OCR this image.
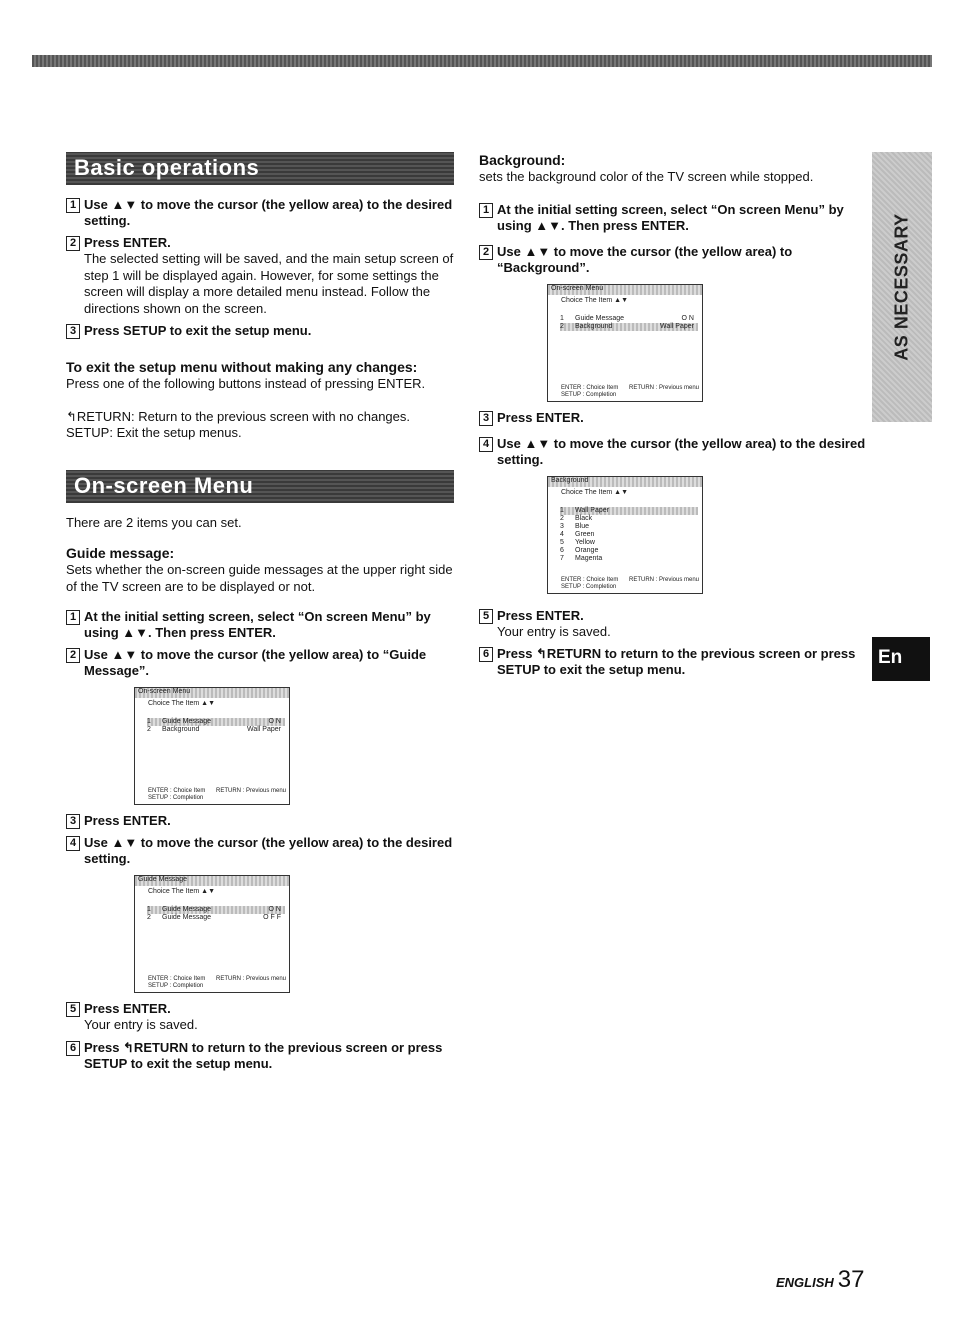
Basic operations
1 Use ▲▼ to move the cursor (the yellow area) to the desired setting.
2 Press ENTER.
The selected setting will be saved, and the main setup screen of step 1 will be displayed again. However, for some settings the screen will display a more detailed menu instead. Follow the directions shown on the screen.
3 Press SETUP to exit the setup menu.
To exit the setup menu without making any changes:
Press one of the following buttons instead of pressing ENTER.
↰RETURN: Return to the previous screen with no changes.
SETUP: Exit the setup menus.
On-screen Menu
There are 2 items you can set.
Guide message:
Sets whether the on-screen guide messages at the upper right side of the TV screen are to be displayed or not.
1 At the initial setting screen, select “On screen Menu” by using ▲▼. Then press ENTER.
2 Use ▲▼ to move the cursor (the yellow area) to “Guide Message”.
On-screen Menu
Choice The Item ▲▼
1 Guide Message	O N
2 Background	Wall Paper
ENTER : Choice Item RETURN : Previous menu

SETUP : Completion
3 Press ENTER.
4 Use ▲▼ to move the cursor (the yellow area) to the desired setting.
Guide Message
Choice The Item ▲▼
1 Guide Message	O N
2 Guide Message	O F F
ENTER : Choice Item RETURN : Previous menu

SETUP : Completion
5 Press ENTER.
Your entry is saved.
6 Press ↰RETURN to return to the previous screen or press SETUP to exit the setup menu.
Background:
sets the background color of the TV screen while stopped.
1 At the initial setting screen, select “On screen Menu” by using ▲▼. Then press ENTER.
2 Use ▲▼ to move the cursor (the yellow area) to “Background”.
On-screen Menu
Choice The Item ▲▼
1 Guide Message	O N
2 Background	Wall Paper
ENTER : Choice Item RETURN : Previous menu

SETUP : Completion
3 Press ENTER.
4 Use ▲▼ to move the cursor (the yellow area) to the desired setting.
Background
Choice The Item ▲▼
1 Wall Paper
2 Black
3 Blue
4 Green
5 Yellow
6 Orange
7 Magenta
ENTER : Choice Item RETURN : Previous menu

SETUP : Completion
5 Press ENTER.
Your entry is saved.
6 Press ↰RETURN to return to the previous screen or press SETUP to exit the setup menu.
AS NECESSARY
En
ENGLISH 37
